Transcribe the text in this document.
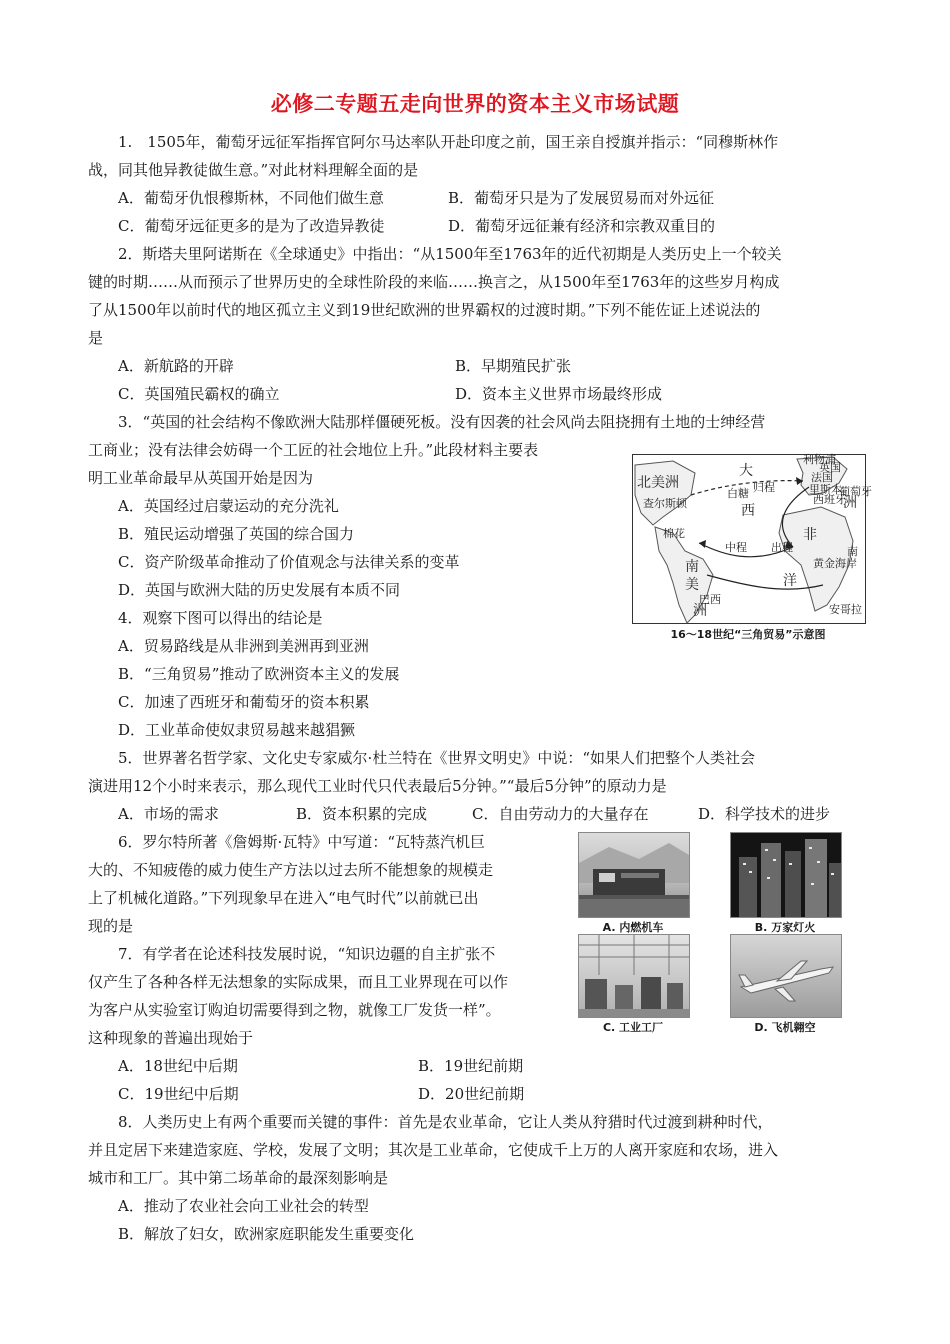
必修二专题五走向世界的资本主义市场试题
1.　1505年，葡萄牙远征军指挥官阿尔马达率队开赴印度之前，国王亲自授旗并指示：“同穆斯林作
战，同其他异教徒做生意。”对此材料理解全面的是
A．葡萄牙仇恨穆斯林，不同他们做生意	B．葡萄牙只是为了发展贸易而对外远征
C．葡萄牙远征更多的是为了改造异教徒	D．葡萄牙远征兼有经济和宗教双重目的
2．斯塔夫里阿诺斯在《全球通史》中指出：“从1500年至1763年的近代初期是人类历史上一个较关
键的时期……从而预示了世界历史的全球性阶段的来临……换言之，从1500年至1763年的这些岁月构成
了从1500年以前时代的地区孤立主义到19世纪欧洲的世界霸权的过渡时期。”下列不能佐证上述说法的
是
A．新航路的开辟	B．早期殖民扩张
C．英国殖民霸权的确立	D．资本主义世界市场最终形成
3．“英国的社会结构不像欧洲大陆那样僵硬死板。没有因袭的社会风尚去阻挠拥有土地的士绅经营
工商业；没有法律会妨碍一个工匠的社会地位上升。”此段材料主要表
明工业革命最早从英国开始是因为
A．英国经过启蒙运动的充分洗礼
B．殖民运动增强了英国的综合国力
C．资产阶级革命推动了价值观念与法律关系的变革
D．英国与欧洲大陆的历史发展有本质不同
4．观察下图可以得出的结论是
A．贸易路线是从非洲到美洲再到亚洲
B．“三角贸易”推动了欧洲资本主义的发展
C．加速了西班牙和葡萄牙的资本积累
D．工业革命使奴隶贸易越来越猖獗
北美洲
大
洲
西
非
洋
南
美
洲
英国
法国
里斯本
利物浦
西班牙
葡萄牙
查尔斯顿
棉花
白糖
黄金海岸
安哥拉
巴西
出程
中程
归程
南
16～18世纪“三角贸易”示意图
5．世界著名哲学家、文化史专家威尔·杜兰特在《世界文明史》中说：“如果人们把整个人类社会
演进用12个小时来表示，那么现代工业时代只代表最后5分钟。”“最后5分钟”的原动力是
A．市场的需求	B．资本积累的完成	C．自由劳动力的大量存在	D．科学技术的进步
6．罗尔特所著《詹姆斯·瓦特》中写道：“瓦特蒸汽机巨
大的、不知疲倦的威力使生产方法以过去所不能想象的规模走
上了机械化道路。”下列现象早在进入“电气时代”以前就已出
现的是	A. 内燃机车	B. 万家灯火
C. 工业工厂	D. 飞机翱空
7．有学者在论述科技发展时说，“知识边疆的自主扩张不
仅产生了各种各样无法想象的实际成果，而且工业界现在可以作
为客户从实验室订购迫切需要得到之物，就像工厂发货一样”。
这种现象的普遍出现始于
A．18世纪中后期	B．19世纪前期
C．19世纪中后期	D．20世纪前期
8．人类历史上有两个重要而关键的事件：首先是农业革命，它让人类从狩猎时代过渡到耕种时代，
并且定居下来建造家庭、学校，发展了文明；其次是工业革命，它使成千上万的人离开家庭和农场，进入
城市和工厂。其中第二场革命的最深刻影响是
A．推动了农业社会向工业社会的转型
B．解放了妇女，欧洲家庭职能发生重要变化
